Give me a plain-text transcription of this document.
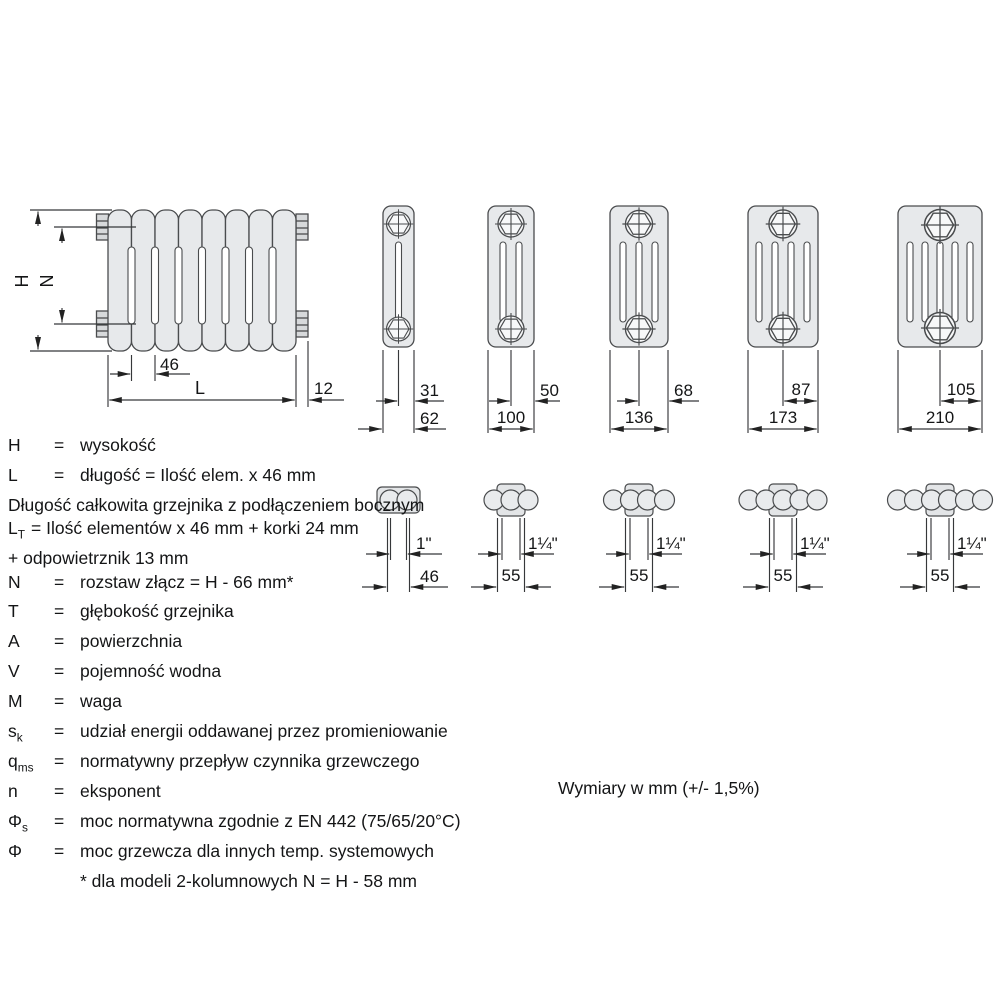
H N
46
L	12	31
62
50
100
68
136
87
173
105
210
1"
46
1¼"
55
1¼"
55
1¼"
55
1¼"
55
H	= wysokość
L	= długość = Ilość elem. x 46 mm
Długość całkowita grzejnika z podłączeniem bocznym
$L_T$ = Ilość elementów x 46 mm + korki 24 mm
+ odpowietrznik 13 mm
N	= rozstaw złącz = H - 66 mm*
T	= głębokość grzejnika
A	= powierzchnia
V	= pojemność wodna
M	= waga
$s_k$	= udział energii oddawanej przez promieniowanie
$q_{ms}$	= normatywny przepływ czynnika grzewczego
n	= eksponent
$\Phi_s$	= moc normatywna zgodnie z EN 442 (75/65/20°C)
Φ	= moc grzewcza dla innych temp. systemowych
* dla modeli 2-kolumnowych N = H - 58 mm
Wymiary w mm (+/- 1,5%)
